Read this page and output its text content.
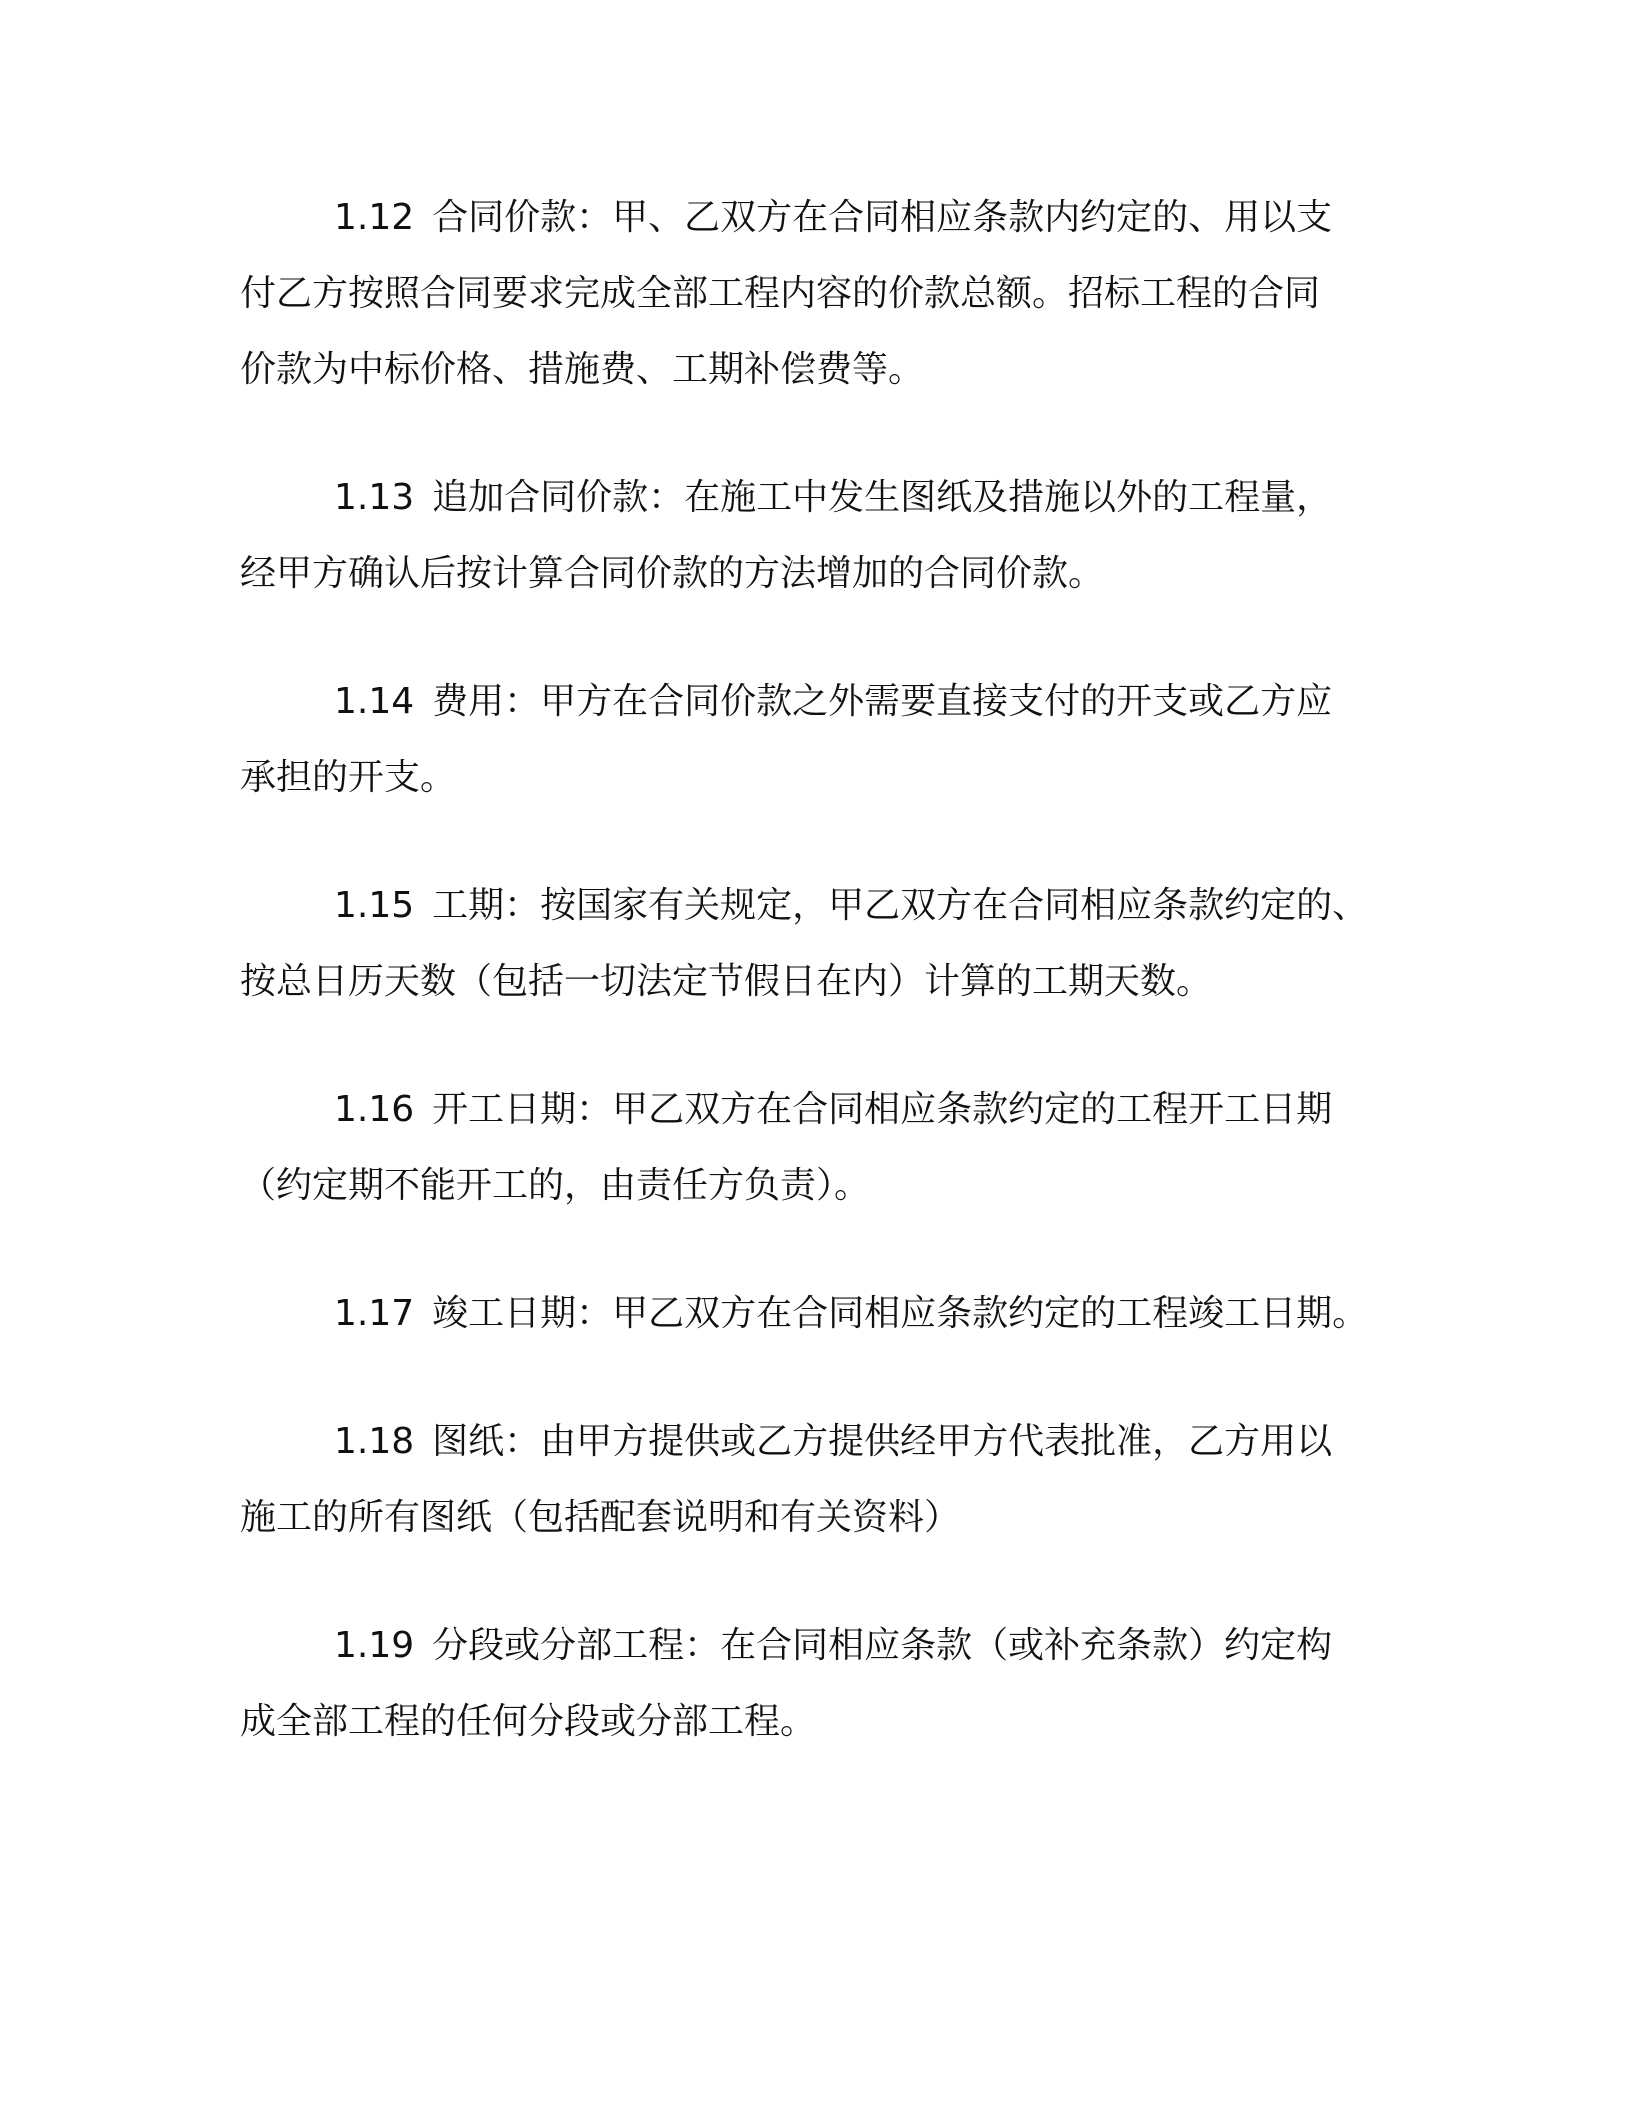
1.12 合同价款：甲、乙双方在合同相应条款内约定的、用以支
付乙方按照合同要求完成全部工程内容的价款总额。招标工程的合同
价款为中标价格、措施费、工期补偿费等。
1.13 追加合同价款：在施工中发生图纸及措施以外的工程量，
经甲方确认后按计算合同价款的方法增加的合同价款。
1.14 费用：甲方在合同价款之外需要直接支付的开支或乙方应
承担的开支。
1.15 工期：按国家有关规定，甲乙双方在合同相应条款约定的、
按总日历天数（包括一切法定节假日在内）计算的工期天数。
1.16 开工日期：甲乙双方在合同相应条款约定的工程开工日期
（约定期不能开工的，由责任方负责）。
1.17 竣工日期：甲乙双方在合同相应条款约定的工程竣工日期。
1.18 图纸：由甲方提供或乙方提供经甲方代表批准，乙方用以
施工的所有图纸（包括配套说明和有关资料）
1.19 分段或分部工程：在合同相应条款（或补充条款）约定构
成全部工程的任何分段或分部工程。
